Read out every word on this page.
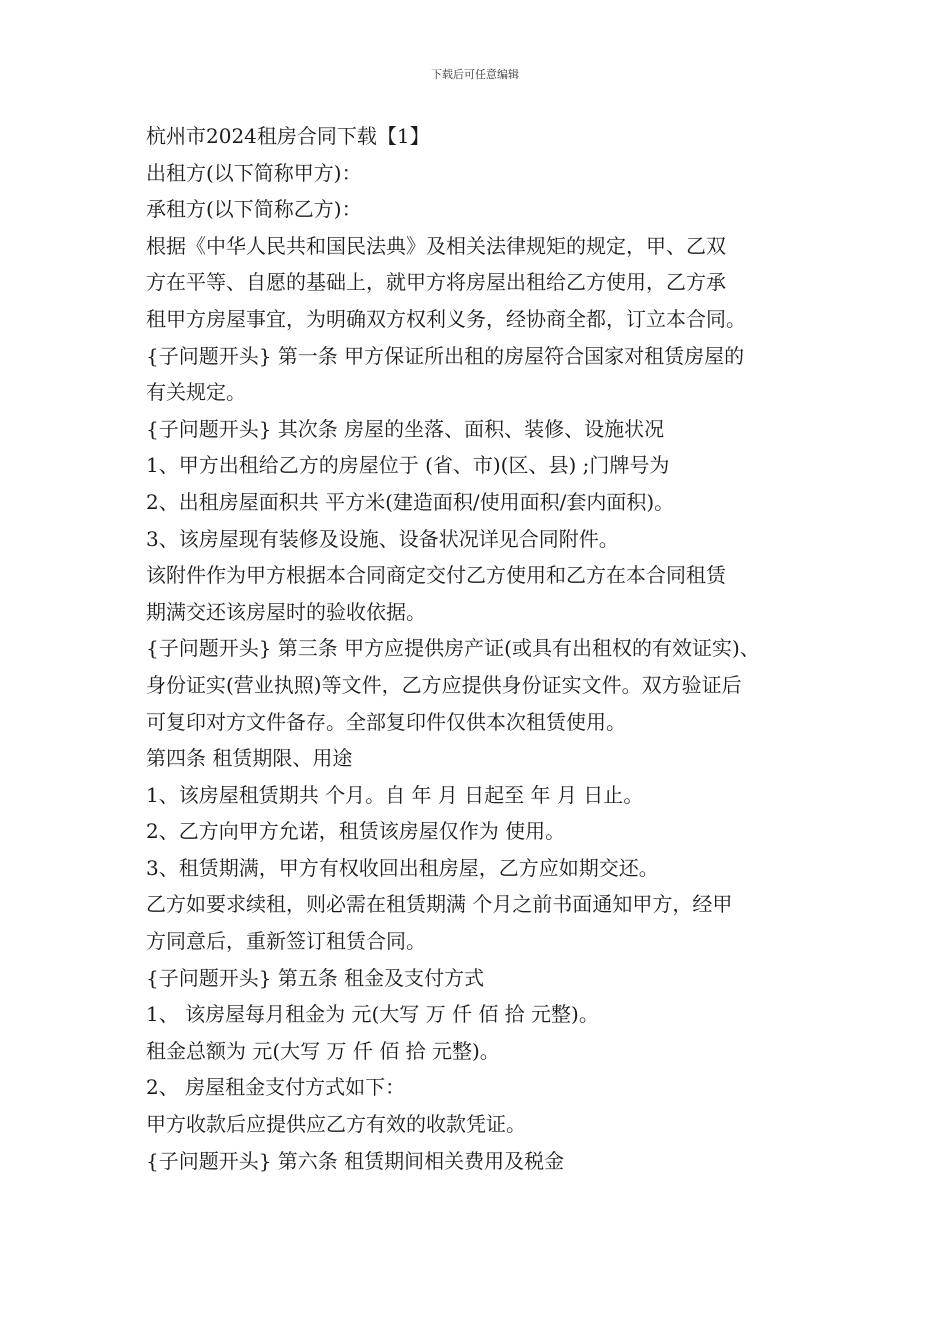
下载后可任意编辑
杭州市2024租房合同下载【1】
出租方(以下简称甲方)：
承租方(以下简称乙方)：
根据《中华人民共和国民法典》及相关法律规矩的规定，甲、乙双
方在平等、自愿的基础上，就甲方将房屋出租给乙方使用，乙方承
租甲方房屋事宜，为明确双方权利义务，经协商全都，订立本合同。
{子问题开头} 第一条 甲方保证所出租的房屋符合国家对租赁房屋的
有关规定。
{子问题开头} 其次条 房屋的坐落、面积、装修、设施状况
1、甲方出租给乙方的房屋位于 (省、市)(区、县) ;门牌号为
2、出租房屋面积共 平方米(建造面积/使用面积/套内面积)。
3、该房屋现有装修及设施、设备状况详见合同附件。
该附件作为甲方根据本合同商定交付乙方使用和乙方在本合同租赁
期满交还该房屋时的验收依据。
{子问题开头} 第三条 甲方应提供房产证(或具有出租权的有效证实)、
身份证实(营业执照)等文件，乙方应提供身份证实文件。双方验证后
可复印对方文件备存。全部复印件仅供本次租赁使用。
第四条 租赁期限、用途
1、该房屋租赁期共 个月。自 年 月 日起至 年 月 日止。
2、乙方向甲方允诺，租赁该房屋仅作为 使用。
3、租赁期满，甲方有权收回出租房屋，乙方应如期交还。
乙方如要求续租，则必需在租赁期满 个月之前书面通知甲方，经甲
方同意后，重新签订租赁合同。
{子问题开头} 第五条 租金及支付方式
1、 该房屋每月租金为 元(大写 万 仟 佰 拾 元整)。
租金总额为 元(大写 万 仟 佰 拾 元整)。
2、 房屋租金支付方式如下：
甲方收款后应提供应乙方有效的收款凭证。
{子问题开头} 第六条 租赁期间相关费用及税金
